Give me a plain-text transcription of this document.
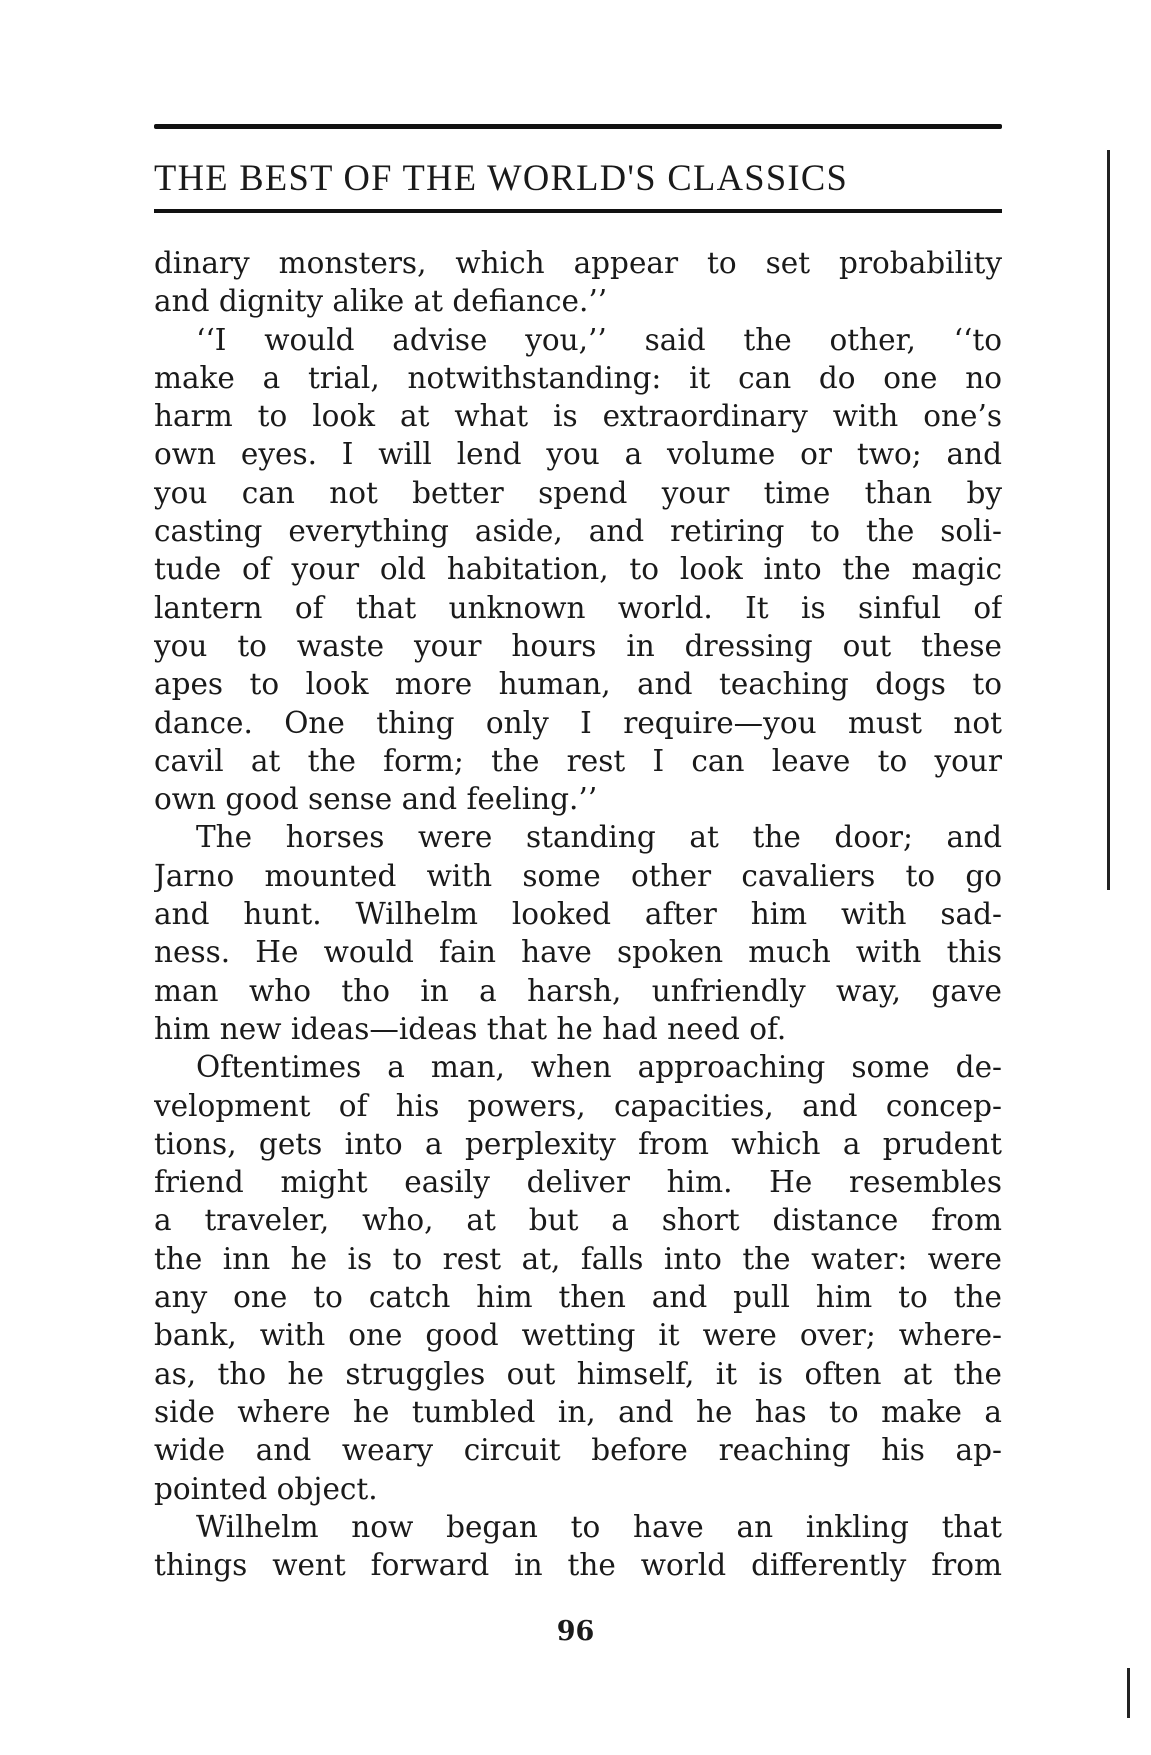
THE BEST OF THE WORLD'S CLASSICS
dinary monsters, which appear to set probability
and dignity alike at defiance.’’
‘‘I would advise you,’’ said the other, ‘‘to
make a trial, notwithstanding: it can do one no
harm to look at what is extraordinary with one’s
own eyes. I will lend you a volume or two; and
you can not better spend your time than by
casting everything aside, and retiring to the soli-
tude of your old habitation, to look into the magic
lantern of that unknown world. It is sinful of
you to waste your hours in dressing out these
apes to look more human, and teaching dogs to
dance. One thing only I require—you must not
cavil at the form; the rest I can leave to your
own good sense and feeling.’’
The horses were standing at the door; and
Jarno mounted with some other cavaliers to go
and hunt. Wilhelm looked after him with sad-
ness. He would fain have spoken much with this
man who tho in a harsh, unfriendly way, gave
him new ideas—ideas that he had need of.
Oftentimes a man, when approaching some de-
velopment of his powers, capacities, and concep-
tions, gets into a perplexity from which a prudent
friend might easily deliver him. He resembles
a traveler, who, at but a short distance from
the inn he is to rest at, falls into the water: were
any one to catch him then and pull him to the
bank, with one good wetting it were over; where-
as, tho he struggles out himself, it is often at the
side where he tumbled in, and he has to make a
wide and weary circuit before reaching his ap-
pointed object.
Wilhelm now began to have an inkling that
things went forward in the world differently from
96
